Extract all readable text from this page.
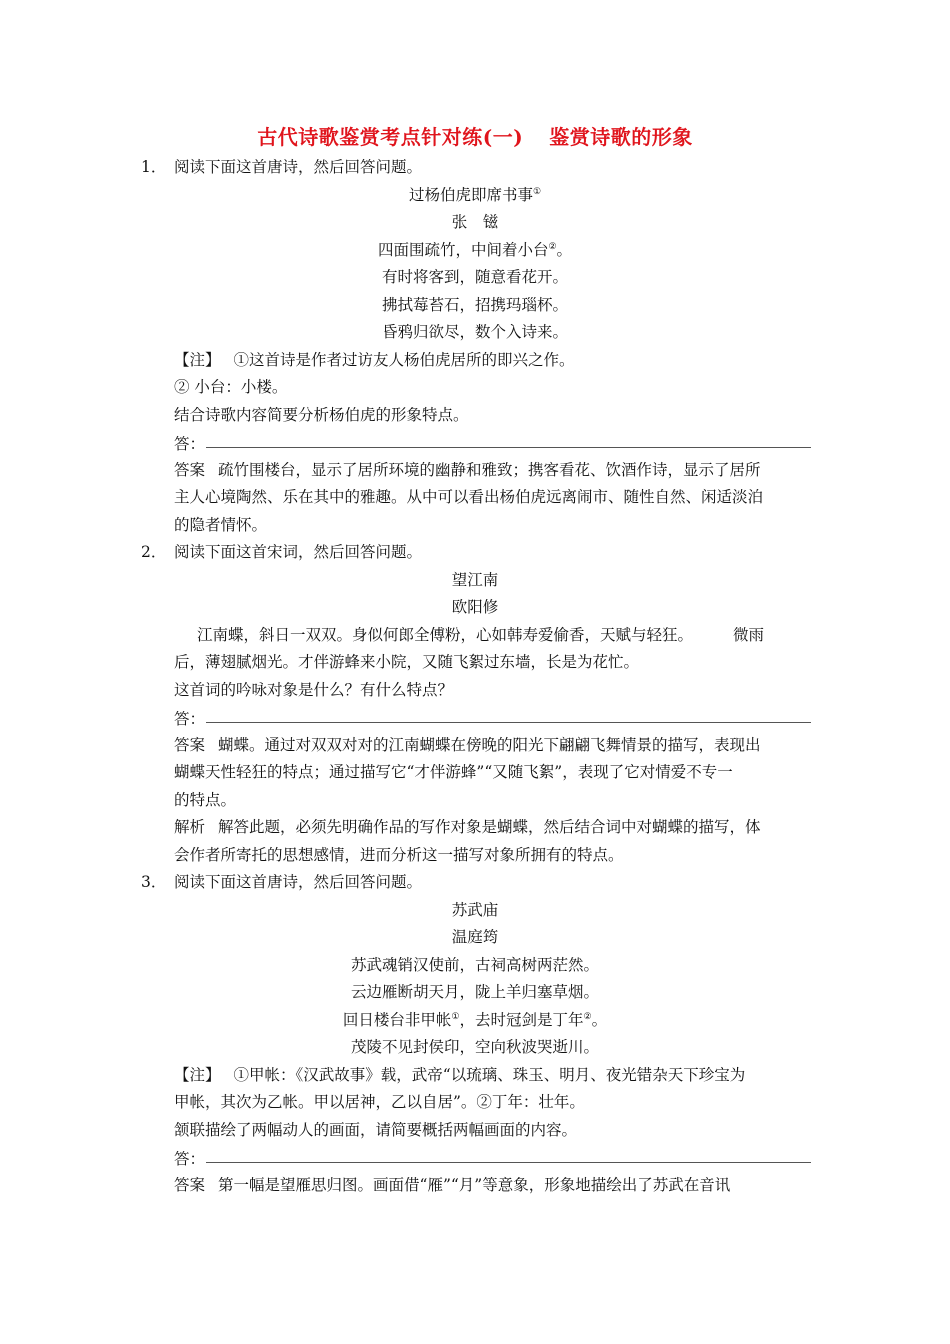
古代诗歌鉴赏考点针对练(一) 鉴赏诗歌的形象
1． 阅读下面这首唐诗，然后回答问题。
过杨伯虎即席书事①
张　镃
四面围疏竹，中间着小台②。
有时将客到，随意看花开。
拂拭莓苔石，招携玛瑙杯。
昏鸦归欲尽，数个入诗来。
【注】 ①这首诗是作者过访友人杨伯虎居所的即兴之作。
② 小台：小楼。
结合诗歌内容简要分析杨伯虎的形象特点。
答：
答案 疏竹围楼台，显示了居所环境的幽静和雅致；携客看花、饮酒作诗，显示了居所
主人心境陶然、乐在其中的雅趣。从中可以看出杨伯虎远离闹市、随性自然、闲适淡泊
的隐者情怀。
2． 阅读下面这首宋词，然后回答问题。
望江南
欧阳修
江南蝶，斜日一双双。身似何郎全傅粉，心如韩寿爱偷香，天赋与轻狂。	微雨
后，薄翅腻烟光。才伴游蜂来小院，又随飞絮过东墙，长是为花忙。
这首词的吟咏对象是什么？有什么特点？
答：
答案 蝴蝶。通过对双双对对的江南蝴蝶在傍晚的阳光下翩翩飞舞情景的描写，表现出
蝴蝶天性轻狂的特点；通过描写它“才伴游蜂”“又随飞絮”，表现了它对情爱不专一
的特点。
解析 解答此题，必须先明确作品的写作对象是蝴蝶，然后结合词中对蝴蝶的描写，体
会作者所寄托的思想感情，进而分析这一描写对象所拥有的特点。
3． 阅读下面这首唐诗，然后回答问题。
苏武庙
温庭筠
苏武魂销汉使前，古祠高树两茫然。
云边雁断胡天月，陇上羊归塞草烟。
回日楼台非甲帐①，去时冠剑是丁年②。
茂陵不见封侯印，空向秋波哭逝川。
【注】 ①甲帐：《汉武故事》载，武帝“以琉璃、珠玉、明月、夜光错杂天下珍宝为
甲帐，其次为乙帐。甲以居神，乙以自居”。②丁年：壮年。
颔联描绘了两幅动人的画面，请简要概括两幅画面的内容。
答：
答案 第一幅是望雁思归图。画面借“雁”“月”等意象，形象地描绘出了苏武在音讯
